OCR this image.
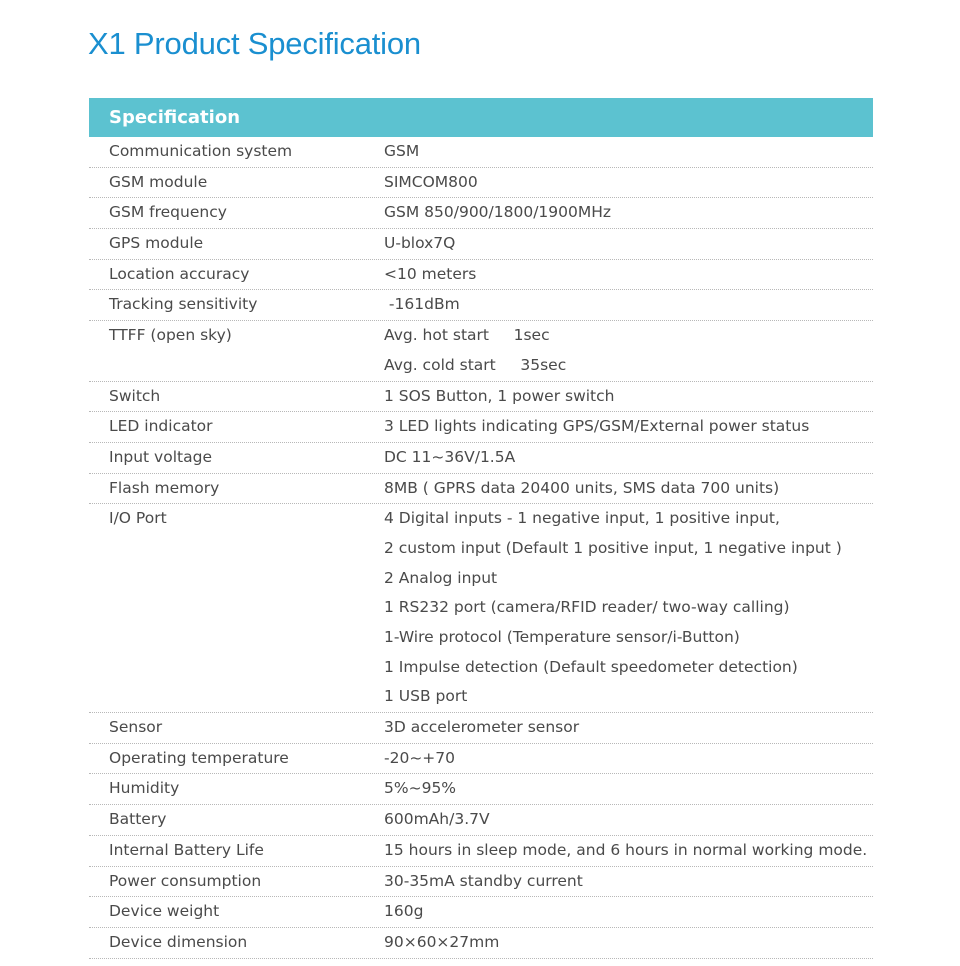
X1 Product Specification
Specification
Communication system	GSM
GSM module	SIMCOM800
GSM frequency	GSM 850/900/1800/1900MHz
GPS module	U-blox7Q
Location accuracy	<10 meters
Tracking sensitivity	-161dBm
TTFF (open sky)	Avg. hot start     1sec
Avg. cold start     35sec
Switch	1 SOS Button, 1 power switch
LED indicator	3 LED lights indicating GPS/GSM/External power status
Input voltage	DC 11~36V/1.5A
Flash memory	8MB ( GPRS data 20400 units, SMS data 700 units)
I/O Port	4 Digital inputs - 1 negative input, 1 positive input,
2 custom input (Default 1 positive input, 1 negative input )
2 Analog input
1 RS232 port (camera/RFID reader/ two-way calling)
1-Wire protocol (Temperature sensor/i-Button)
1 Impulse detection (Default speedometer detection)
1 USB port
Sensor	3D accelerometer sensor
Operating temperature	-20~+70
Humidity	5%~95%
Battery	600mAh/3.7V
Internal Battery Life	15 hours in sleep mode, and 6 hours in normal working mode.
Power consumption	30-35mA standby current
Device weight	160g
Device dimension	90×60×27mm
